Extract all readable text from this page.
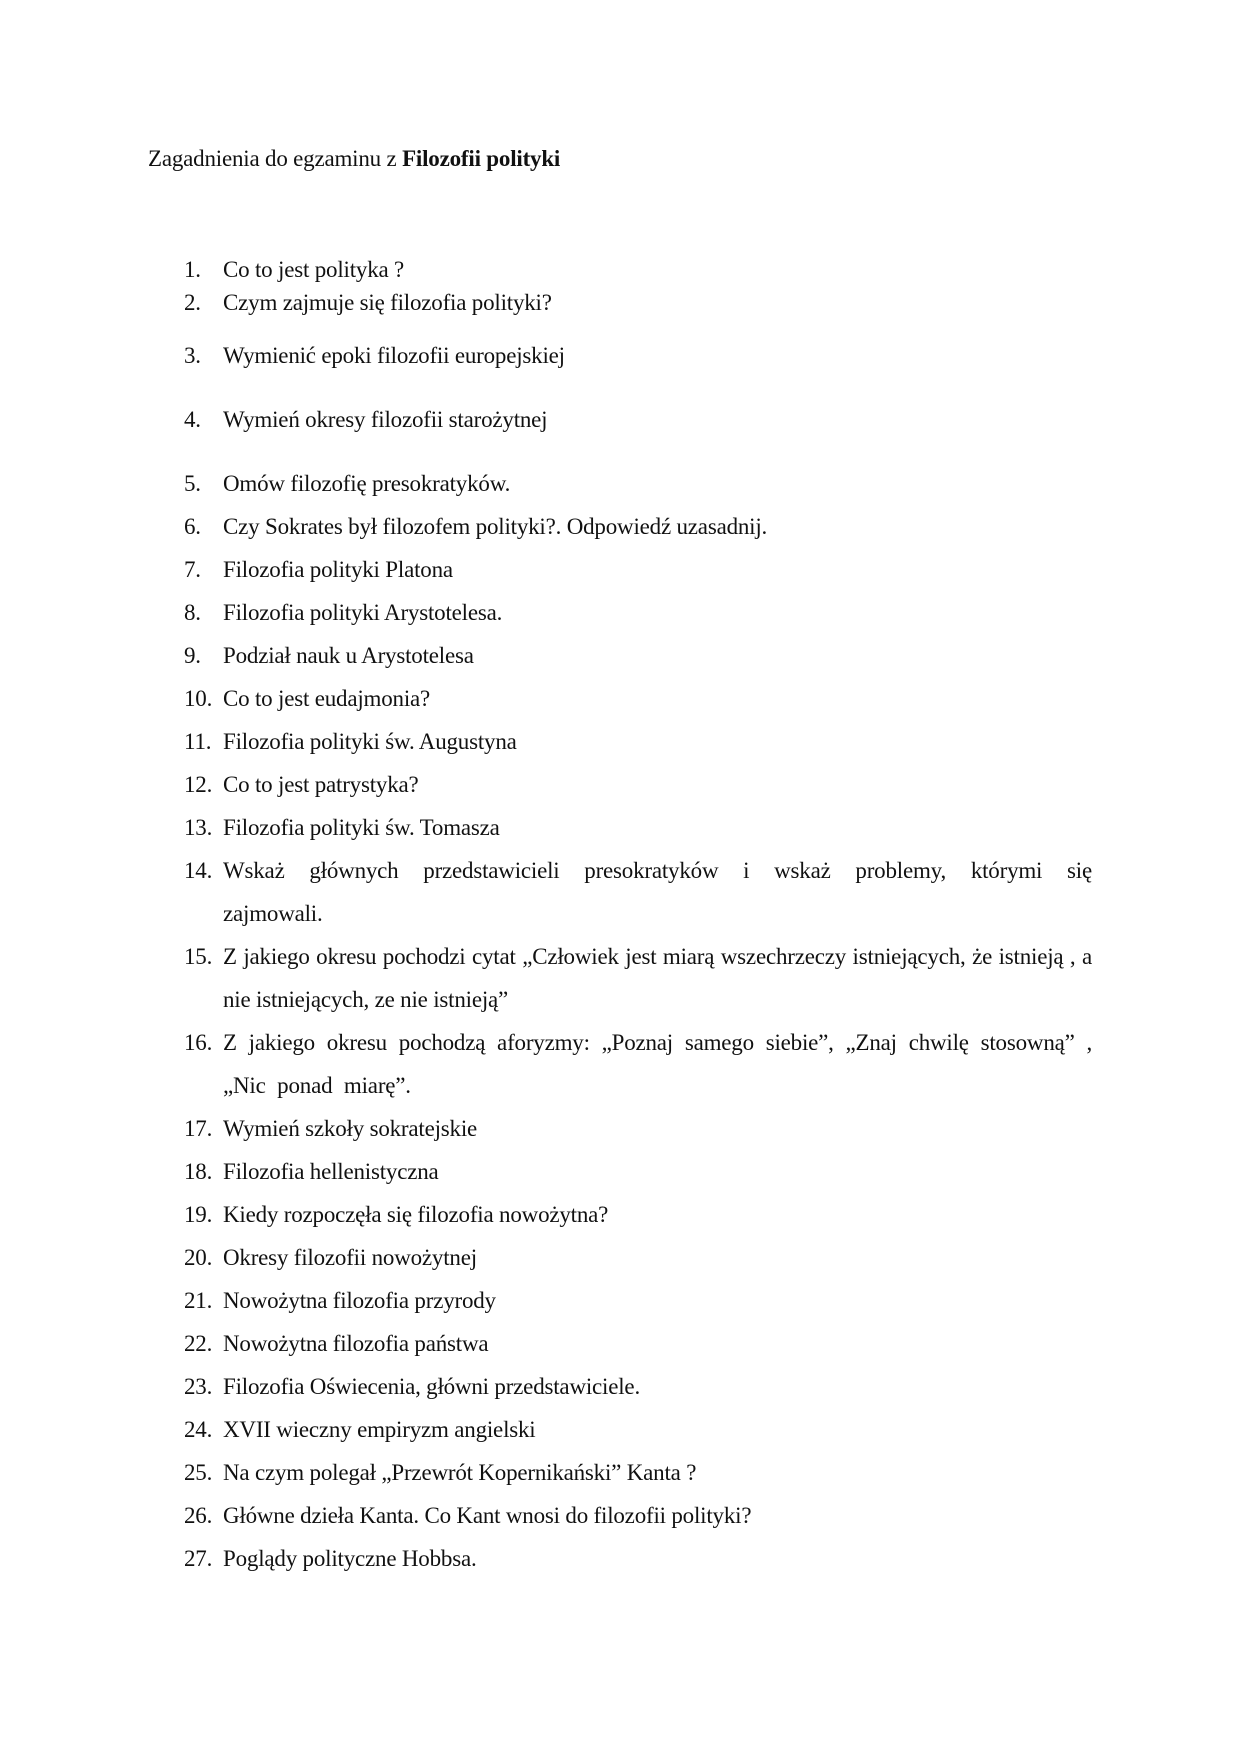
Zagadnienia do egzaminu z Filozofii polityki
1. Co to jest polityka ?
2. Czym zajmuje się filozofia polityki?
3. Wymienić epoki filozofii europejskiej
4. Wymień okresy filozofii starożytnej
5. Omów filozofię presokratyków.
6. Czy Sokrates był filozofem polityki?. Odpowiedź uzasadnij.
7. Filozofia polityki Platona
8. Filozofia polityki Arystotelesa.
9. Podział nauk u Arystotelesa
10. Co to jest eudajmonia?
11. Filozofia polityki św. Augustyna
12. Co to jest patrystyka?
13. Filozofia polityki św. Tomasza
14. Wskaż głównych przedstawicieli presokratyków i wskaż problemy, którymi się zajmowali.
15. Z jakiego okresu pochodzi cytat „Człowiek jest miarą wszechrzeczy istniejących, że istnieją , a nie istniejących, ze nie istnieją”
16. Z jakiego okresu pochodzą aforyzmy: „Poznaj samego siebie”, „Znaj chwilę stosowną” , „Nic ponad miarę”.
17. Wymień szkoły sokratejskie
18. Filozofia hellenistyczna
19. Kiedy rozpoczęła się filozofia nowożytna?
20. Okresy filozofii nowożytnej
21. Nowożytna filozofia przyrody
22. Nowożytna filozofia państwa
23. Filozofia Oświecenia, główni przedstawiciele.
24. XVII wieczny empiryzm angielski
25. Na czym polegał „Przewrót Kopernikański” Kanta ?
26. Główne dzieła Kanta. Co Kant wnosi do filozofii polityki?
27. Poglądy polityczne Hobbsa.
